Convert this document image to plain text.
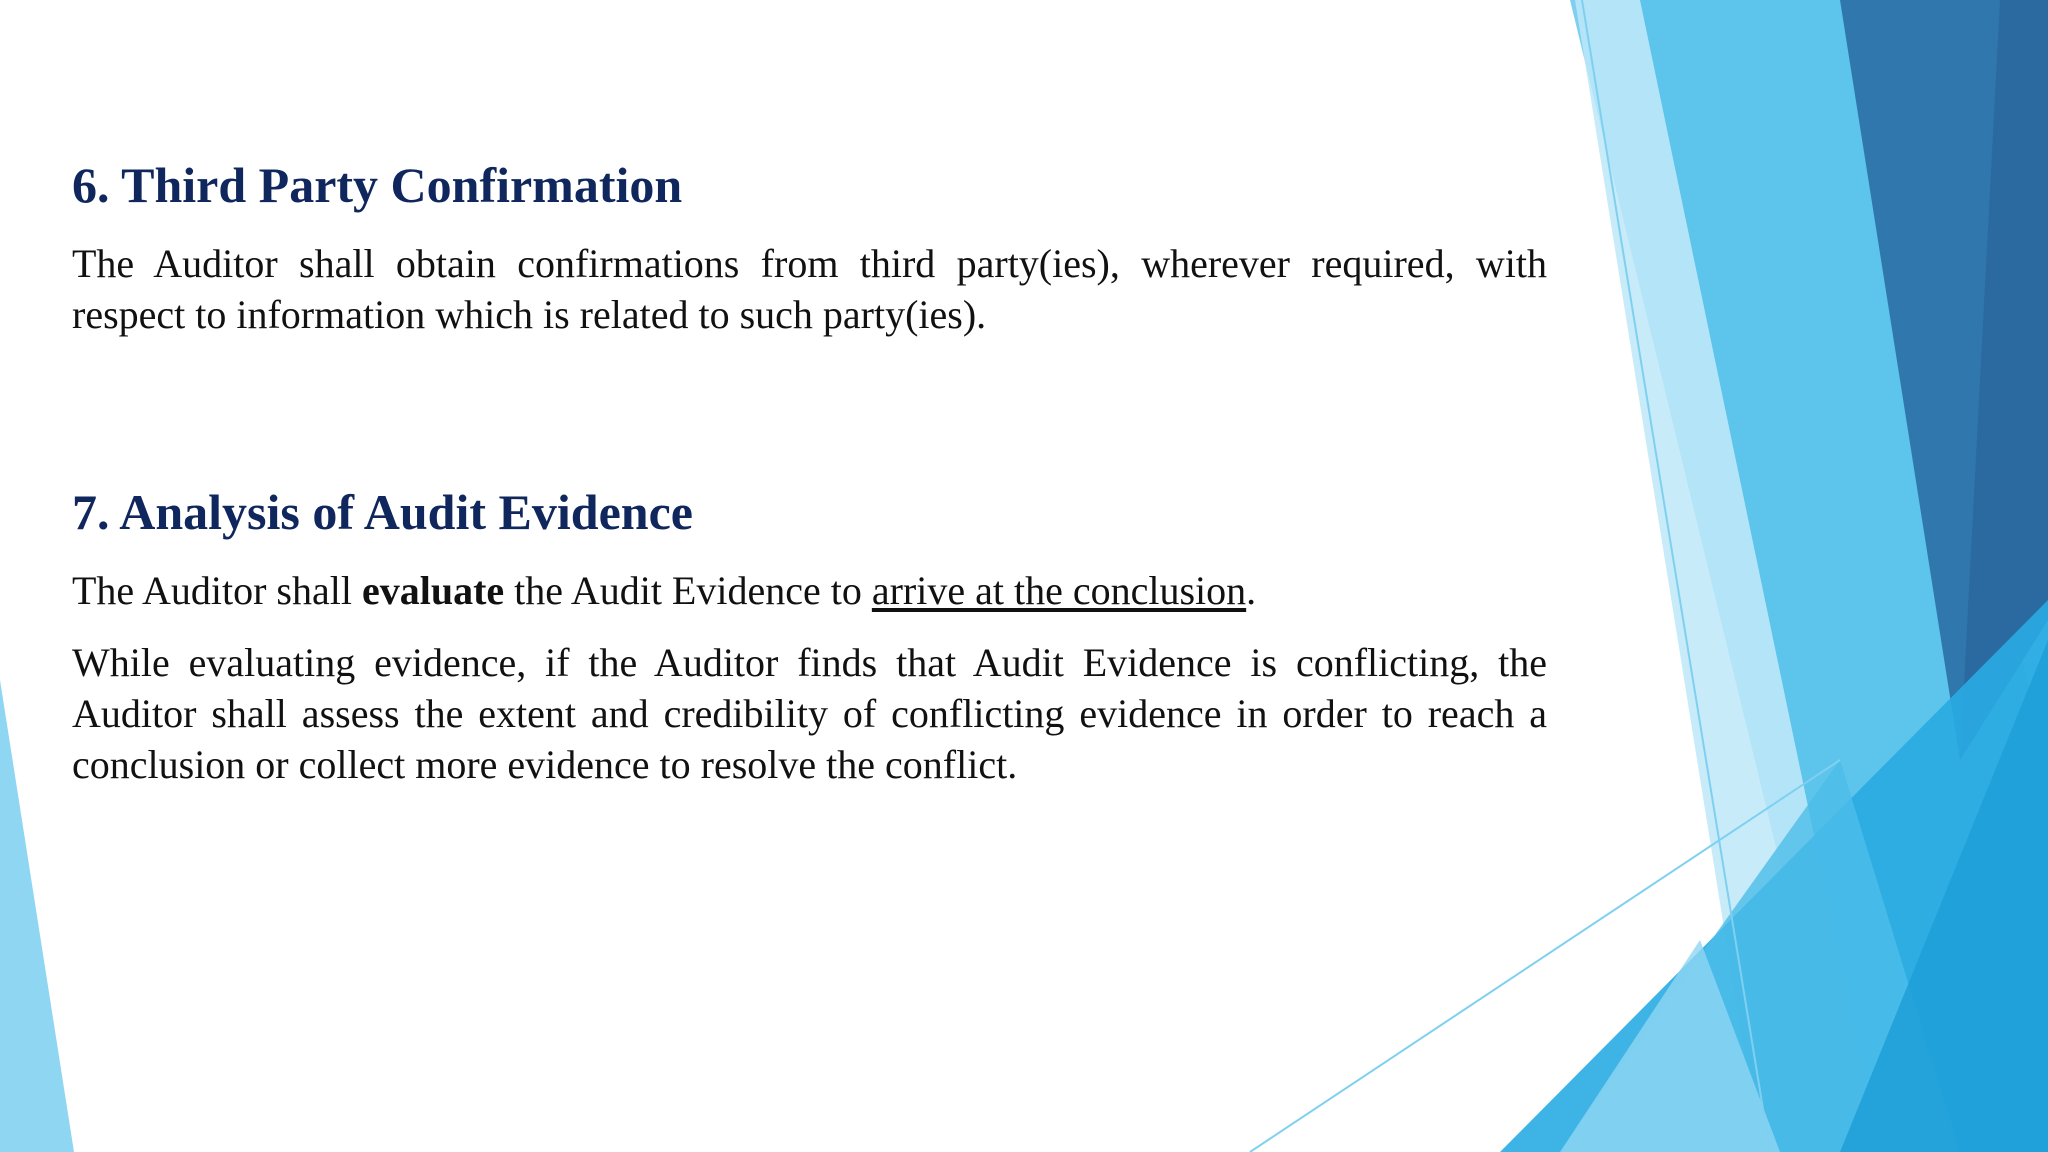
6. Third Party Confirmation

The Auditor shall obtain confirmations from third party(ies), wherever required, with respect to information which is related to such party(ies).

7. Analysis of Audit Evidence

The Auditor shall evaluate the Audit Evidence to arrive at the conclusion.

While evaluating evidence, if the Auditor finds that Audit Evidence is conflicting, the Auditor shall assess the extent and credibility of conflicting evidence in order to reach a conclusion or collect more evidence to resolve the conflict.
